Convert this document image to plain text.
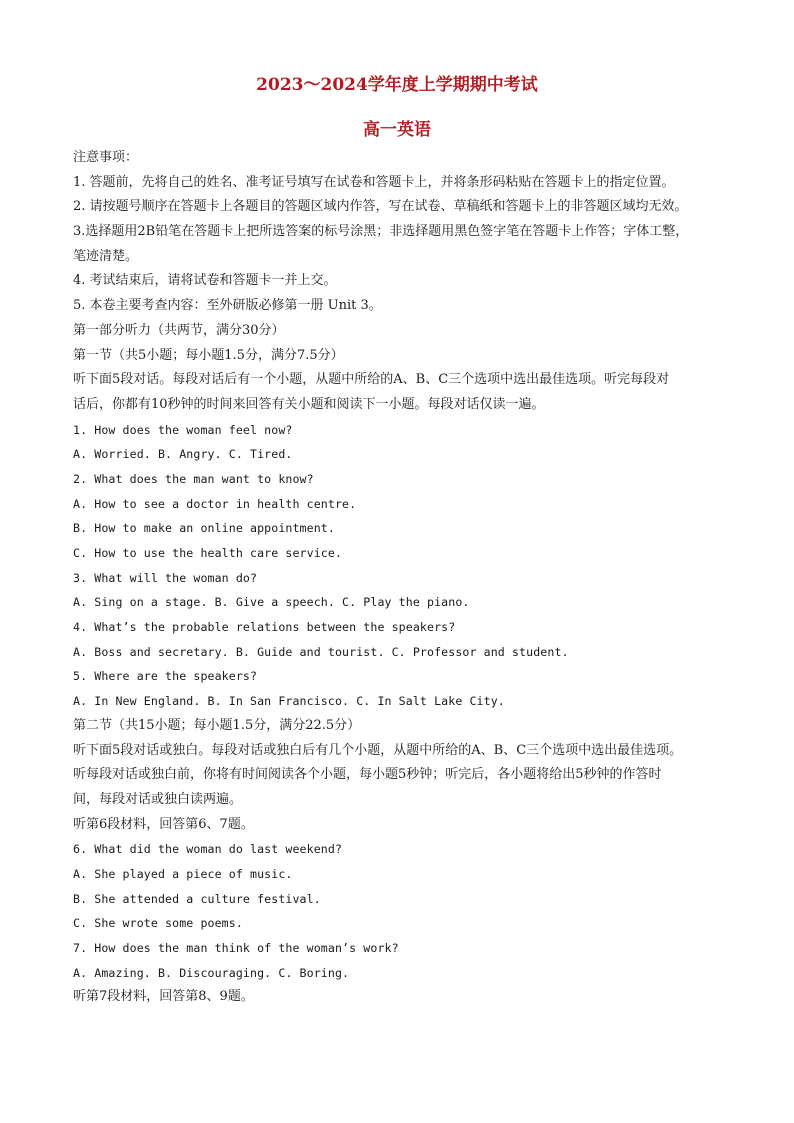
2023～2024学年度上学期期中考试
高一英语
注意事项：
1. 答题前，先将自己的姓名、准考证号填写在试卷和答题卡上，并将条形码粘贴在答题卡上的指定位置。
2. 请按题号顺序在答题卡上各题目的答题区域内作答，写在试卷、草稿纸和答题卡上的非答题区域均无效。
3.选择题用2B铅笔在答题卡上把所选答案的标号涂黑；非选择题用黑色签字笔在答题卡上作答；字体工整，
笔迹清楚。
4. 考试结束后，请将试卷和答题卡一并上交。
5. 本卷主要考查内容：至外研版必修第一册 Unit 3。
第一部分听力（共两节，满分30分）
第一节（共5小题；每小题1.5分，满分7.5分）
听下面5段对话。每段对话后有一个小题，从题中所给的A、B、C三个选项中选出最佳选项。听完每段对
话后，你都有10秒钟的时间来回答有关小题和阅读下一小题。每段对话仅读一遍。
1. How does the woman feel now?
A. Worried. B. Angry. C. Tired.
2. What does the man want to know?
A. How to see a doctor in health centre.
B. How to make an online appointment.
C. How to use the health care service.
3. What will the woman do?
A. Sing on a stage. B. Give a speech. C. Play the piano.
4. What’s the probable relations between the speakers?
A. Boss and secretary. B. Guide and tourist. C. Professor and student.
5. Where are the speakers?
A. In New England. B. In San Francisco. C. In Salt Lake City.
第二节（共15小题；每小题1.5分，满分22.5分）
听下面5段对话或独白。每段对话或独白后有几个小题，从题中所给的A、B、C三个选项中选出最佳选项。
听每段对话或独白前，你将有时间阅读各个小题，每小题5秒钟；听完后，各小题将给出5秒钟的作答时
间，每段对话或独白读两遍。
听第6段材料，回答第6、7题。
6. What did the woman do last weekend?
A. She played a piece of music.
B. She attended a culture festival.
C. She wrote some poems.
7. How does the man think of the woman’s work?
A. Amazing. B. Discouraging. C. Boring.
听第7段材料，回答第8、9题。
